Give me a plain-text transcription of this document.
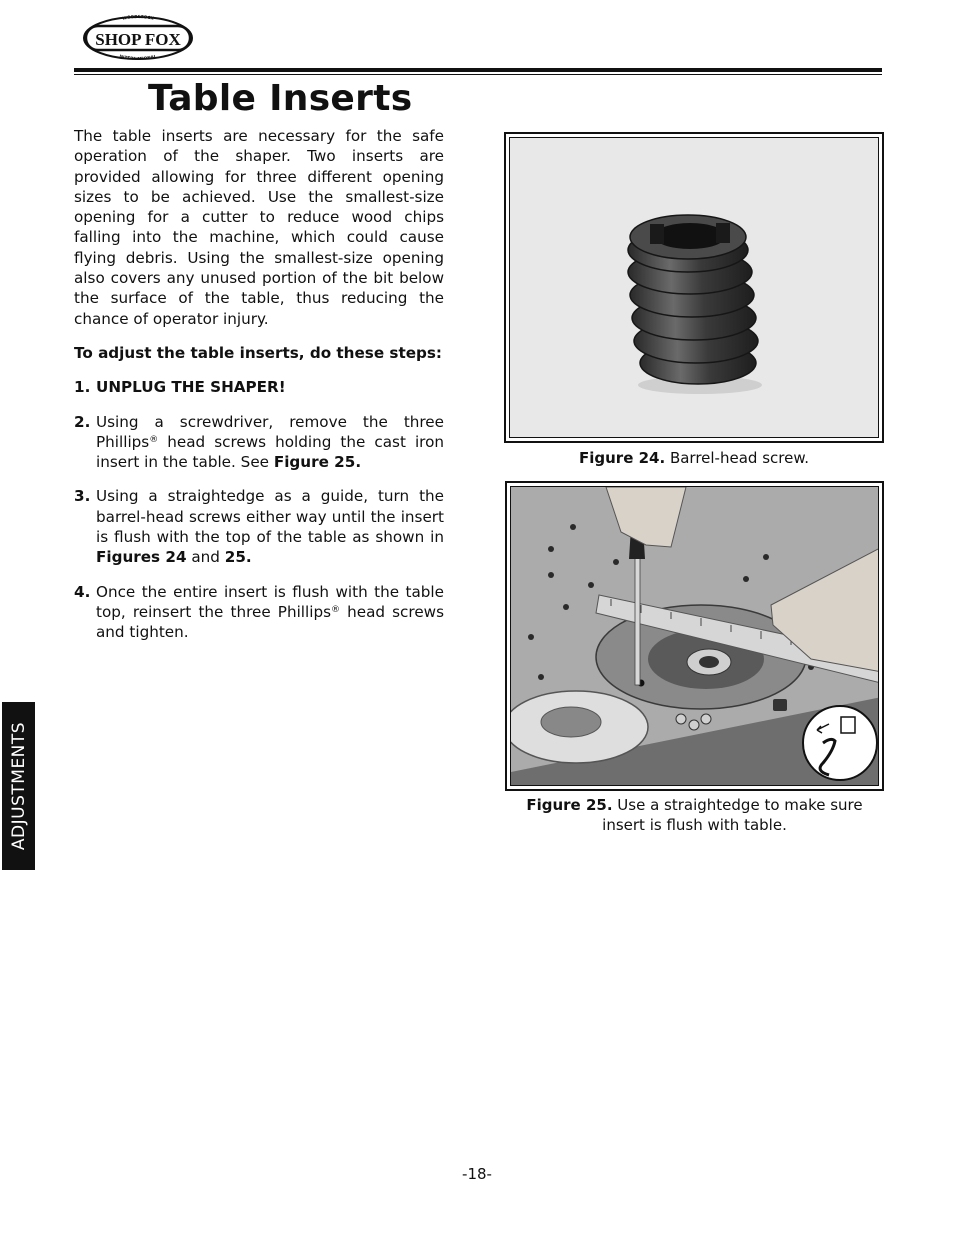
SHOP FOX
WOODSTOCK
INTERNATIONAL
Table Inserts

The table inserts are necessary for the safe operation of the shaper. Two inserts are provided allowing for three different opening sizes to be achieved. Use the smallest-size opening for a cutter to reduce wood chips falling into the machine, which could cause flying debris. Using the smallest-size opening also covers any unused portion of the bit below the surface of the table, thus reducing the chance of operator injury.

To adjust the table inserts, do these steps:

1. UNPLUG THE SHAPER!

2. Using a screwdriver, remove the three Phillips® head screws holding the cast iron insert in the table. See Figure 25.

3. Using a straightedge as a guide, turn the barrel-head screws either way until the insert is flush with the top of the table as shown in Figures 24 and 25.

4. Once the entire insert is flush with the table top, reinsert the three Phillips® head screws and tighten.

Figure 24. Barrel-head screw.
Figure 25. Use a straightedge to make sure insert is flush with table.
ADJUSTMENTS
-18-
